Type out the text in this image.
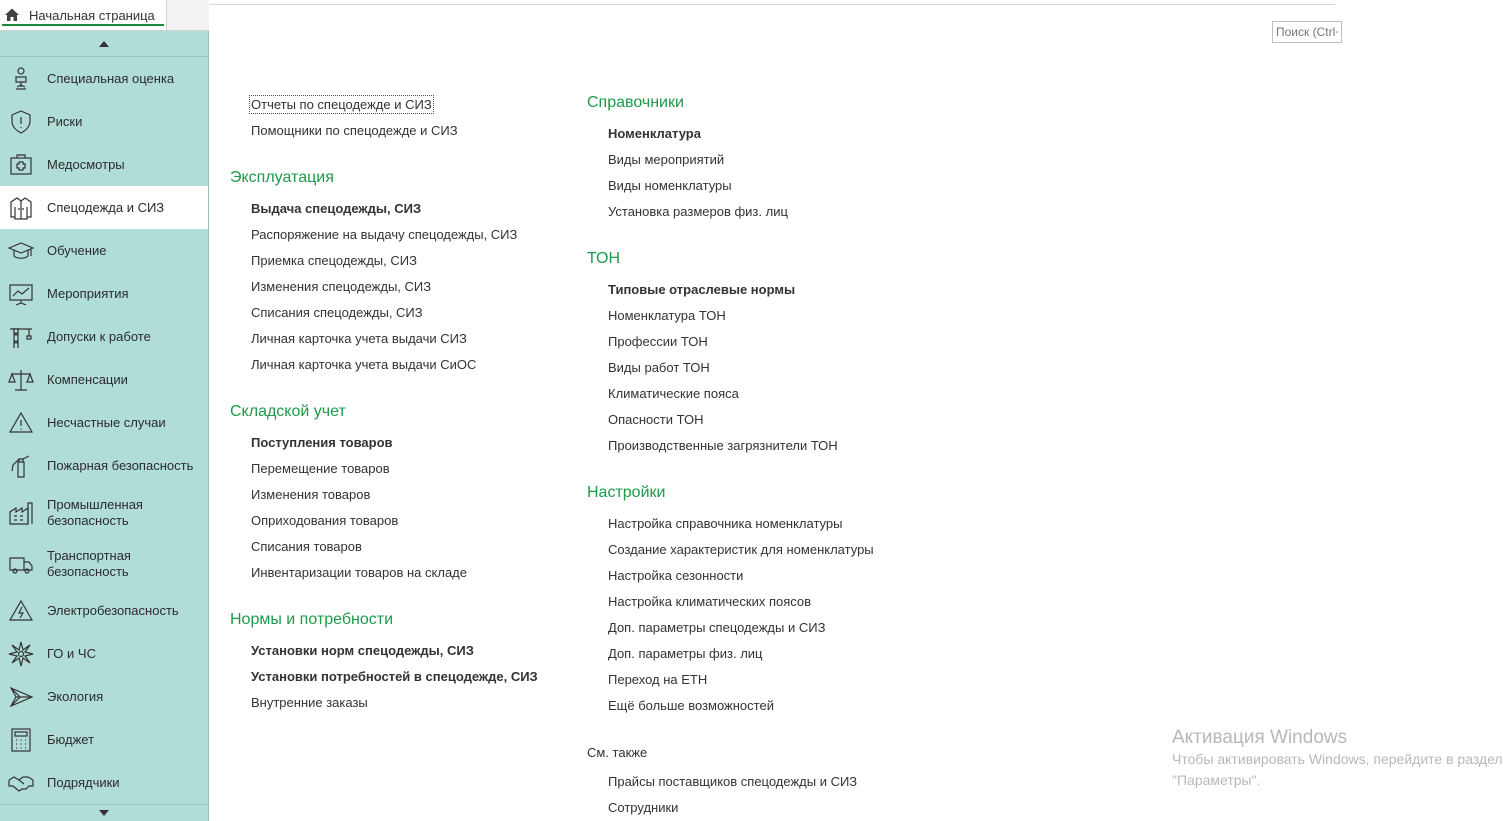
Начальная страница
Специальная оценка
Риски
Медосмотры
Спецодежда и СИЗ
Обучение
Мероприятия
Допуски к работе
Компенсации
Несчастные случаи
Пожарная безопасность
Промышленная
безопасность
Транспортная
безопасность
Электробезопасность
ГО и ЧС
Экология
Бюджет
Подрядчики
Поиск (Ctrl+F)
Отчеты по спецодежде и СИЗ
Помощники по спецодежде и СИЗ
Эксплуатация
Выдача спецодежды, СИЗ
Распоряжение на выдачу спецодежды, СИЗ
Приемка спецодежды, СИЗ
Изменения спецодежды, СИЗ
Списания спецодежды, СИЗ
Личная карточка учета выдачи СИЗ
Личная карточка учета выдачи СиОС
Складской учет
Поступления товаров
Перемещение товаров
Изменения товаров
Оприходования товаров
Списания товаров
Инвентаризации товаров на складе
Нормы и потребности
Установки норм спецодежды, СИЗ
Установки потребностей в спецодежде, СИЗ
Внутренние заказы
Справочники
Номенклатура
Виды мероприятий
Виды номенклатуры
Установка размеров физ. лиц
ТОН
Типовые отраслевые нормы
Номенклатура ТОН
Профессии ТОН
Виды работ ТОН
Климатические пояса
Опасности ТОН
Производственные загрязнители ТОН
Настройки
Настройка справочника номенклатуры
Создание характеристик для номенклатуры
Настройка сезонности
Настройка климатических поясов
Доп. параметры спецодежды и СИЗ
Доп. параметры физ. лиц
Переход на ЕТН
Ещё больше возможностей
См. также
Прайсы поставщиков спецодежды и СИЗ
Сотрудники
Активация Windows
Чтобы активировать Windows, перейдите в раздел
"Параметры".
